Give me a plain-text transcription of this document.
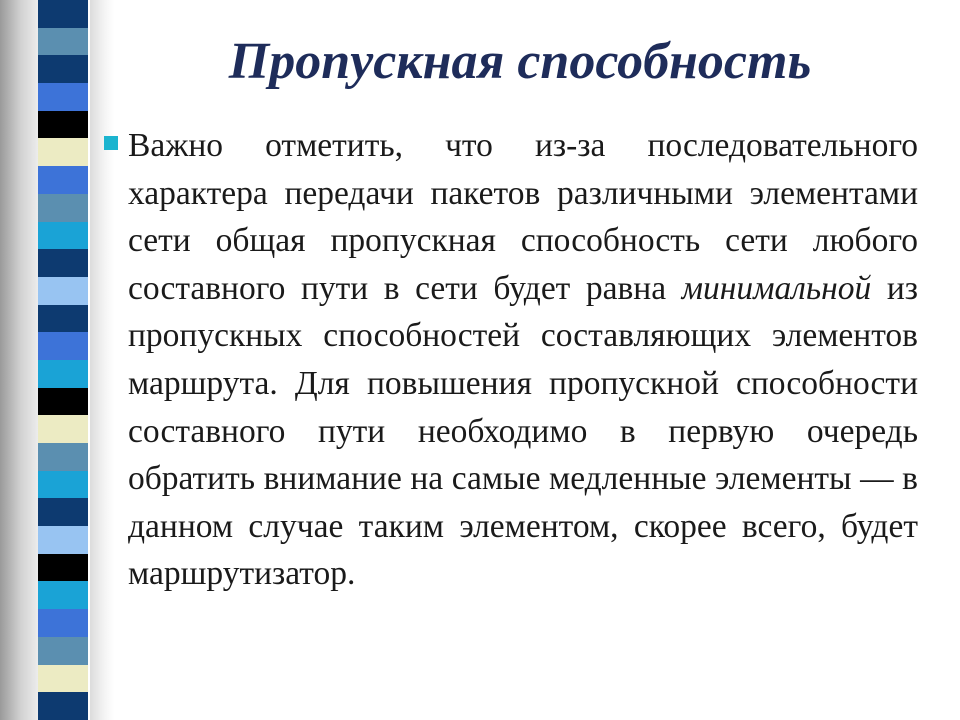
Пропускная способность

Важно отметить, что из-за последовательного характера передачи пакетов различными элементами сети общая пропускная способность сети любого составного пути в сети будет равна минимальной из пропускных способностей составляющих элементов маршрута. Для повышения пропускной способности составного пути необходимо в первую очередь обратить внимание на самые медленные элементы — в данном случае таким элементом, скорее всего, будет маршрутизатор.
